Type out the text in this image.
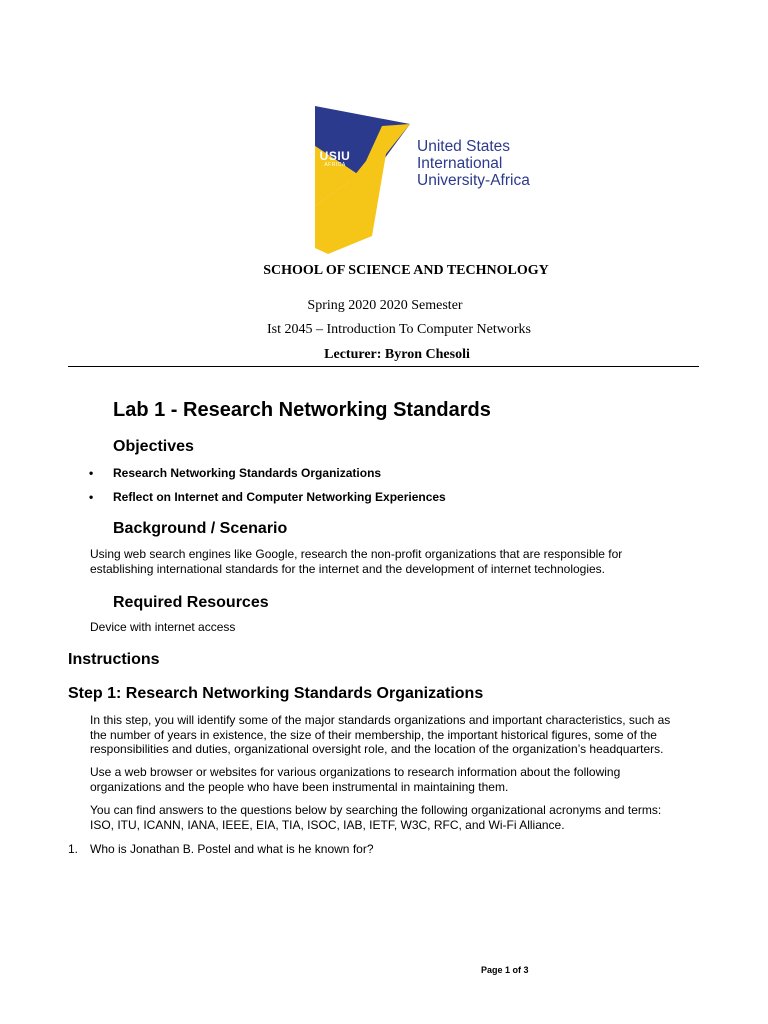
USIU
AFRICA
United States
International
University-Africa
SCHOOL OF SCIENCE AND TECHNOLOGY
Spring 2020 2020 Semester
Ist 2045 – Introduction To Computer Networks
Lecturer: Byron Chesoli
Lab 1 - Research Networking Standards
Objectives
• Research Networking Standards Organizations
• Reflect on Internet and Computer Networking Experiences
Background / Scenario
Using web search engines like Google, research the non-profit organizations that are responsible for
establishing international standards for the internet and the development of internet technologies.
Required Resources
Device with internet access
Instructions
Step 1: Research Networking Standards Organizations
In this step, you will identify some of the major standards organizations and important characteristics, such as
the number of years in existence, the size of their membership, the important historical figures, some of the
responsibilities and duties, organizational oversight role, and the location of the organization’s headquarters.
Use a web browser or websites for various organizations to research information about the following
organizations and the people who have been instrumental in maintaining them.
You can find answers to the questions below by searching the following organizational acronyms and terms:
ISO, ITU, ICANN, IANA, IEEE, EIA, TIA, ISOC, IAB, IETF, W3C, RFC, and Wi-Fi Alliance.
1. Who is Jonathan B. Postel and what is he known for?
Page 1 of 3
